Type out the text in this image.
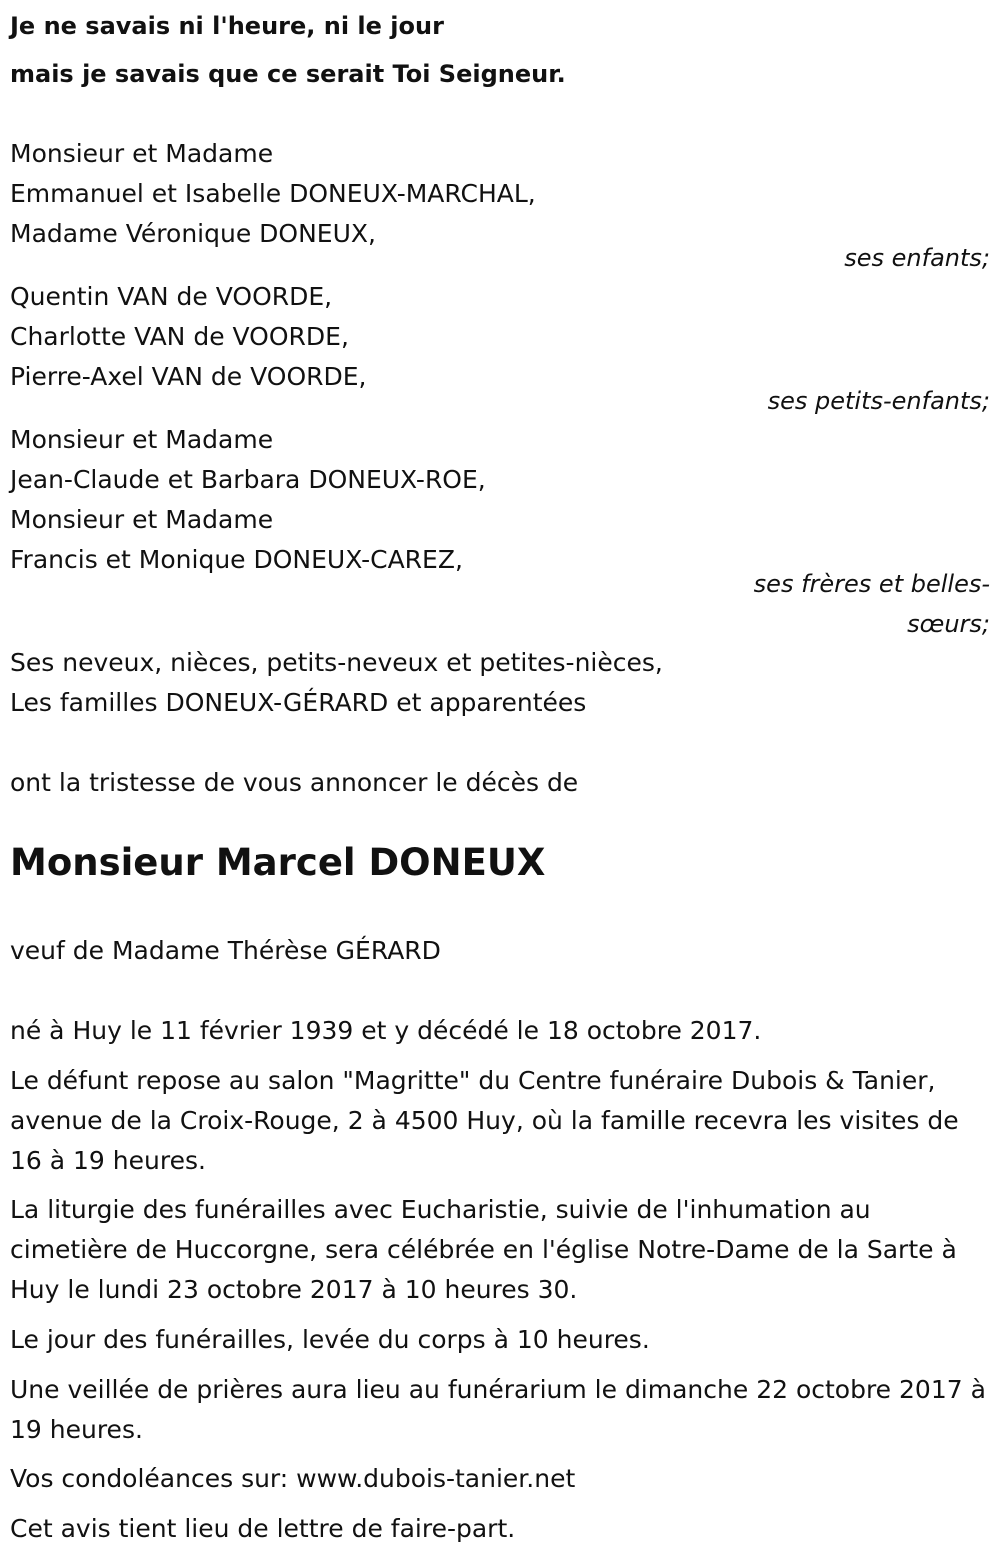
Je ne savais ni l'heure, ni le jour
mais je savais que ce serait Toi Seigneur.
Monsieur et Madame
Emmanuel et Isabelle DONEUX-MARCHAL,
Madame Véronique DONEUX,
ses enfants;
Quentin VAN de VOORDE,
Charlotte VAN de VOORDE,
Pierre-Axel VAN de VOORDE,
ses petits-enfants;
Monsieur et Madame
Jean-Claude et Barbara DONEUX-ROE,
Monsieur et Madame
Francis et Monique DONEUX-CAREZ,
ses frères et belles-
sœurs;
Ses neveux, nièces, petits-neveux et petites-nièces,
Les familles DONEUX-GÉRARD et apparentées
ont la tristesse de vous annoncer le décès de
Monsieur Marcel DONEUX
veuf de Madame Thérèse GÉRARD
né à Huy le 11 février 1939 et y décédé le 18 octobre 2017.
Le défunt repose au salon "Magritte" du Centre funéraire Dubois & Tanier, avenue de la Croix-Rouge, 2 à 4500 Huy, où la famille recevra les visites de 16 à 19 heures.
La liturgie des funérailles avec Eucharistie, suivie de l'inhumation au cimetière de Huccorgne, sera célébrée en l'église Notre-Dame de la Sarte à Huy le lundi 23 octobre 2017 à 10 heures 30.
Le jour des funérailles, levée du corps à 10 heures.
Une veillée de prières aura lieu au funérarium le dimanche 22 octobre 2017 à 19 heures.
Vos condoléances sur: www.dubois-tanier.net
Cet avis tient lieu de lettre de faire-part.
